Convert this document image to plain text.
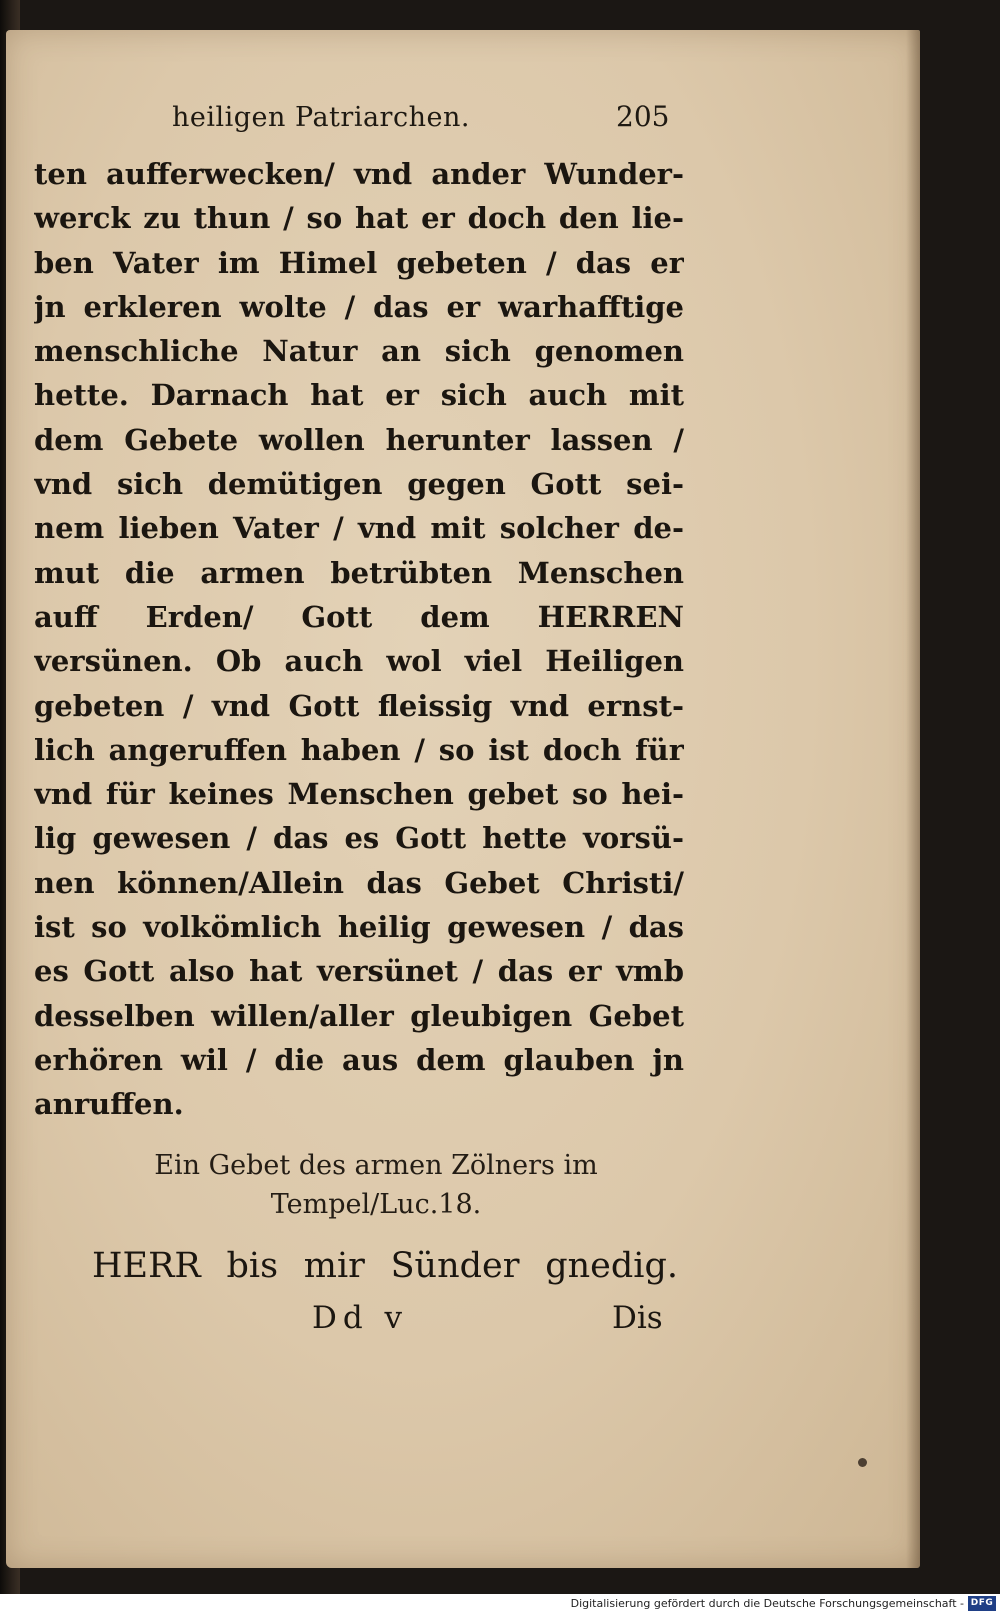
heiligen Patriarchen.	205
ten aufferwecken/ vnd ander Wunder-
werck zu thun / so hat er doch den lie-
ben Vater im Himel gebeten / das er
jn erkleren wolte / das er warhafftige
menschliche Natur an sich genomen
hette. Darnach hat er sich auch mit
dem Gebete wollen herunter lassen /
vnd sich demütigen gegen Gott sei-
nem lieben Vater / vnd mit solcher de-
mut die armen betrübten Menschen
auff Erden/ Gott dem HERREN
versünen. Ob auch wol viel Heiligen
gebeten / vnd Gott fleissig vnd ernst-
lich angeruffen haben / so ist doch für
vnd für keines Menschen gebet so hei-
lig gewesen / das es Gott hette vorsü-
nen können/Allein das Gebet Christi/
ist so volkömlich heilig gewesen / das
es Gott also hat versünet / das er vmb
desselben willen/aller gleubigen Gebet
erhören wil / die aus dem glauben jn
anruffen.
Ein Gebet des armen Zölners im
Tempel/Luc.18.
HERR bis mir Sünder gnedig.
Dd v	Dis
Digitalisierung gefördert durch die Deutsche Forschungsgemeinschaft - DFG
